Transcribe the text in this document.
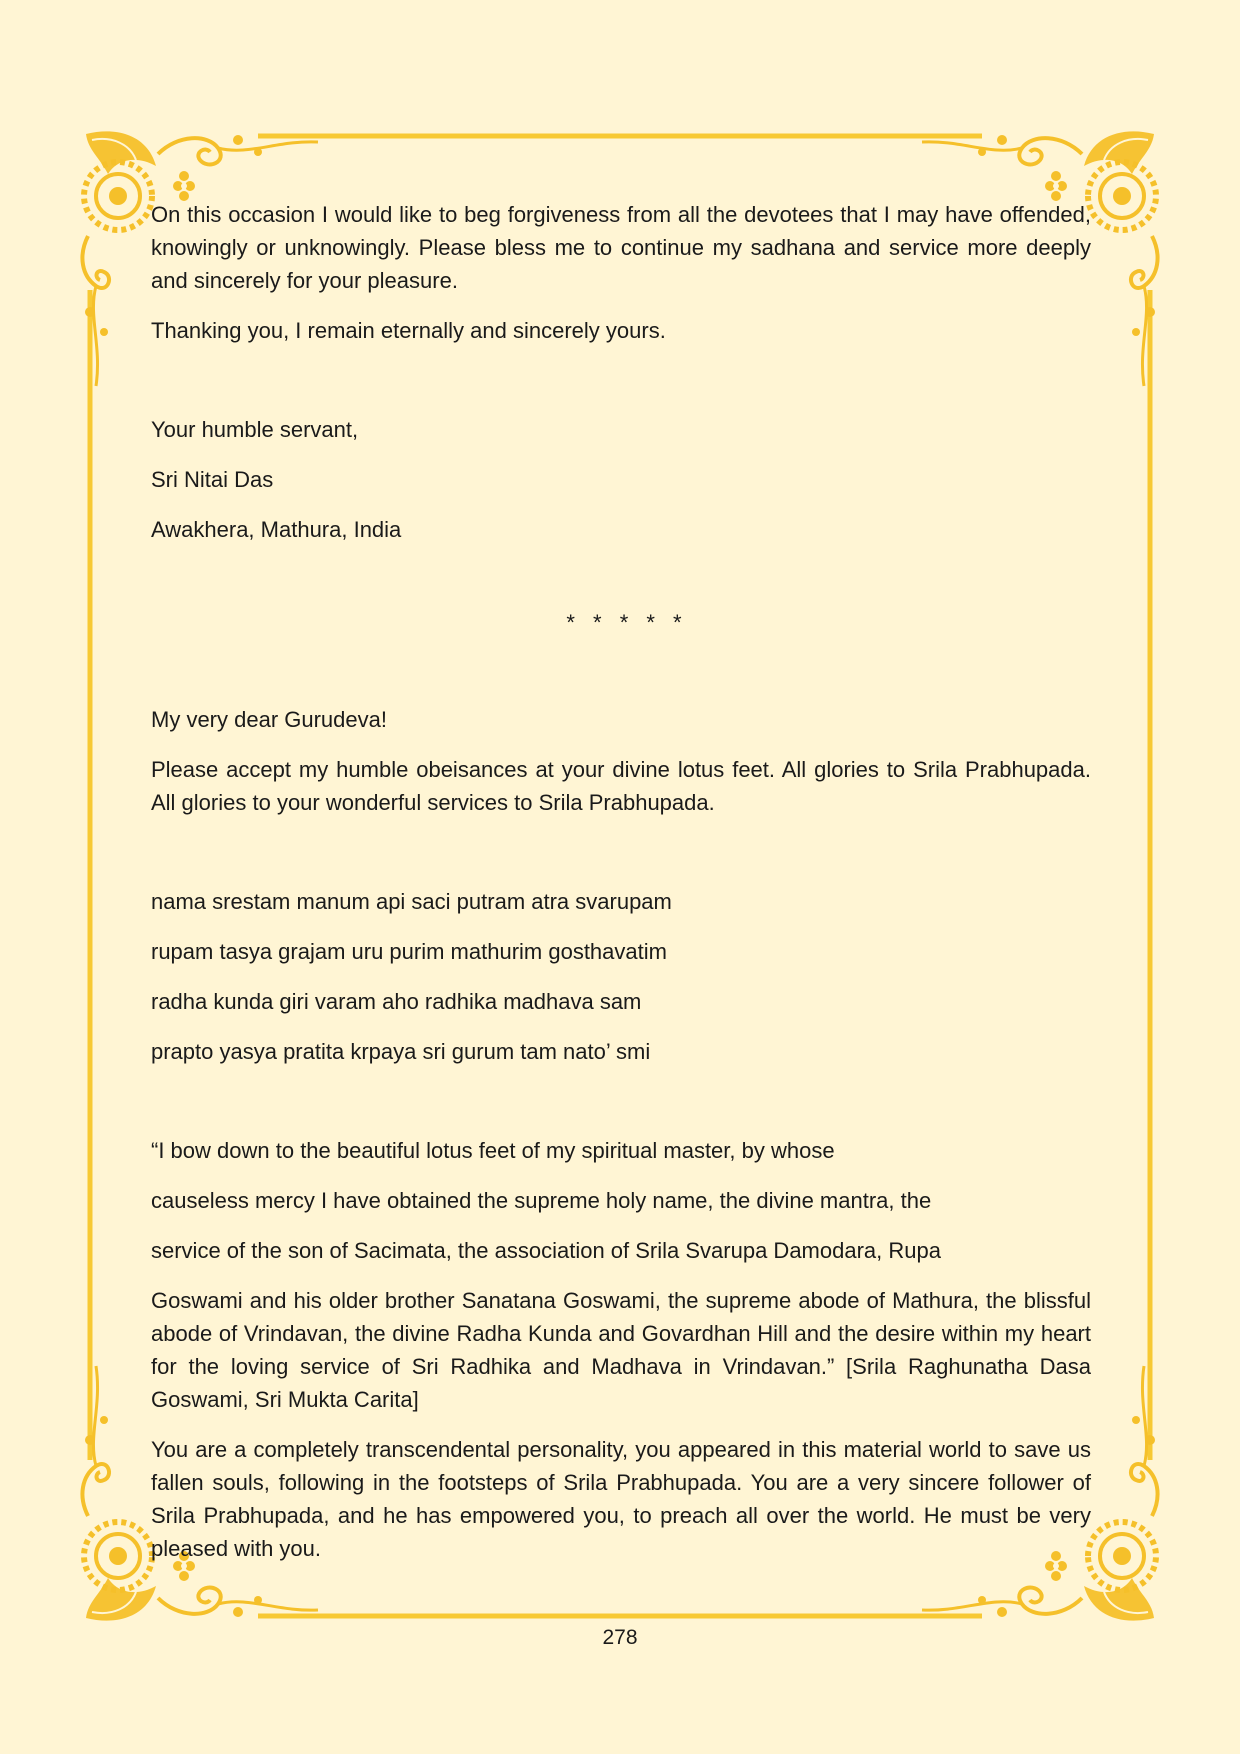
On this occasion I would like to beg forgiveness from all the devotees that I may have offended, knowingly or unknowingly. Please bless me to continue my sadhana and service more deeply and sincerely for your pleasure.

Thanking you, I remain eternally and sincerely yours.

Your humble servant,

Sri Nitai Das

Awakhera, Mathura, India

* * * * *

My very dear Gurudeva!

Please accept my humble obeisances at your divine lotus feet. All glories to Srila Prabhupada. All glories to your wonderful services to Srila Prabhupada.

nama srestam manum api saci putram atra svarupam

rupam tasya grajam uru purim mathurim gosthavatim

radha kunda giri varam aho radhika madhava sam

prapto yasya pratita krpaya sri gurum tam nato’ smi

“I bow down to the beautiful lotus feet of my spiritual master, by whose

causeless mercy I have obtained the supreme holy name, the divine mantra, the

service of the son of Sacimata, the association of Srila Svarupa Damodara, Rupa

Goswami and his older brother Sanatana Goswami, the supreme abode of Mathura, the blissful abode of Vrindavan, the divine Radha Kunda and Govardhan Hill and the desire within my heart for the loving service of Sri Radhika and Madhava in Vrindavan.” [Srila Raghunatha Dasa Goswami, Sri Mukta Carita]

You are a completely transcendental personality, you appeared in this material world to save us fallen souls, following in the footsteps of Srila Prabhupada. You are a very sincere follower of Srila Prabhupada, and he has empowered you, to preach all over the world. He must be very pleased with you.

278
